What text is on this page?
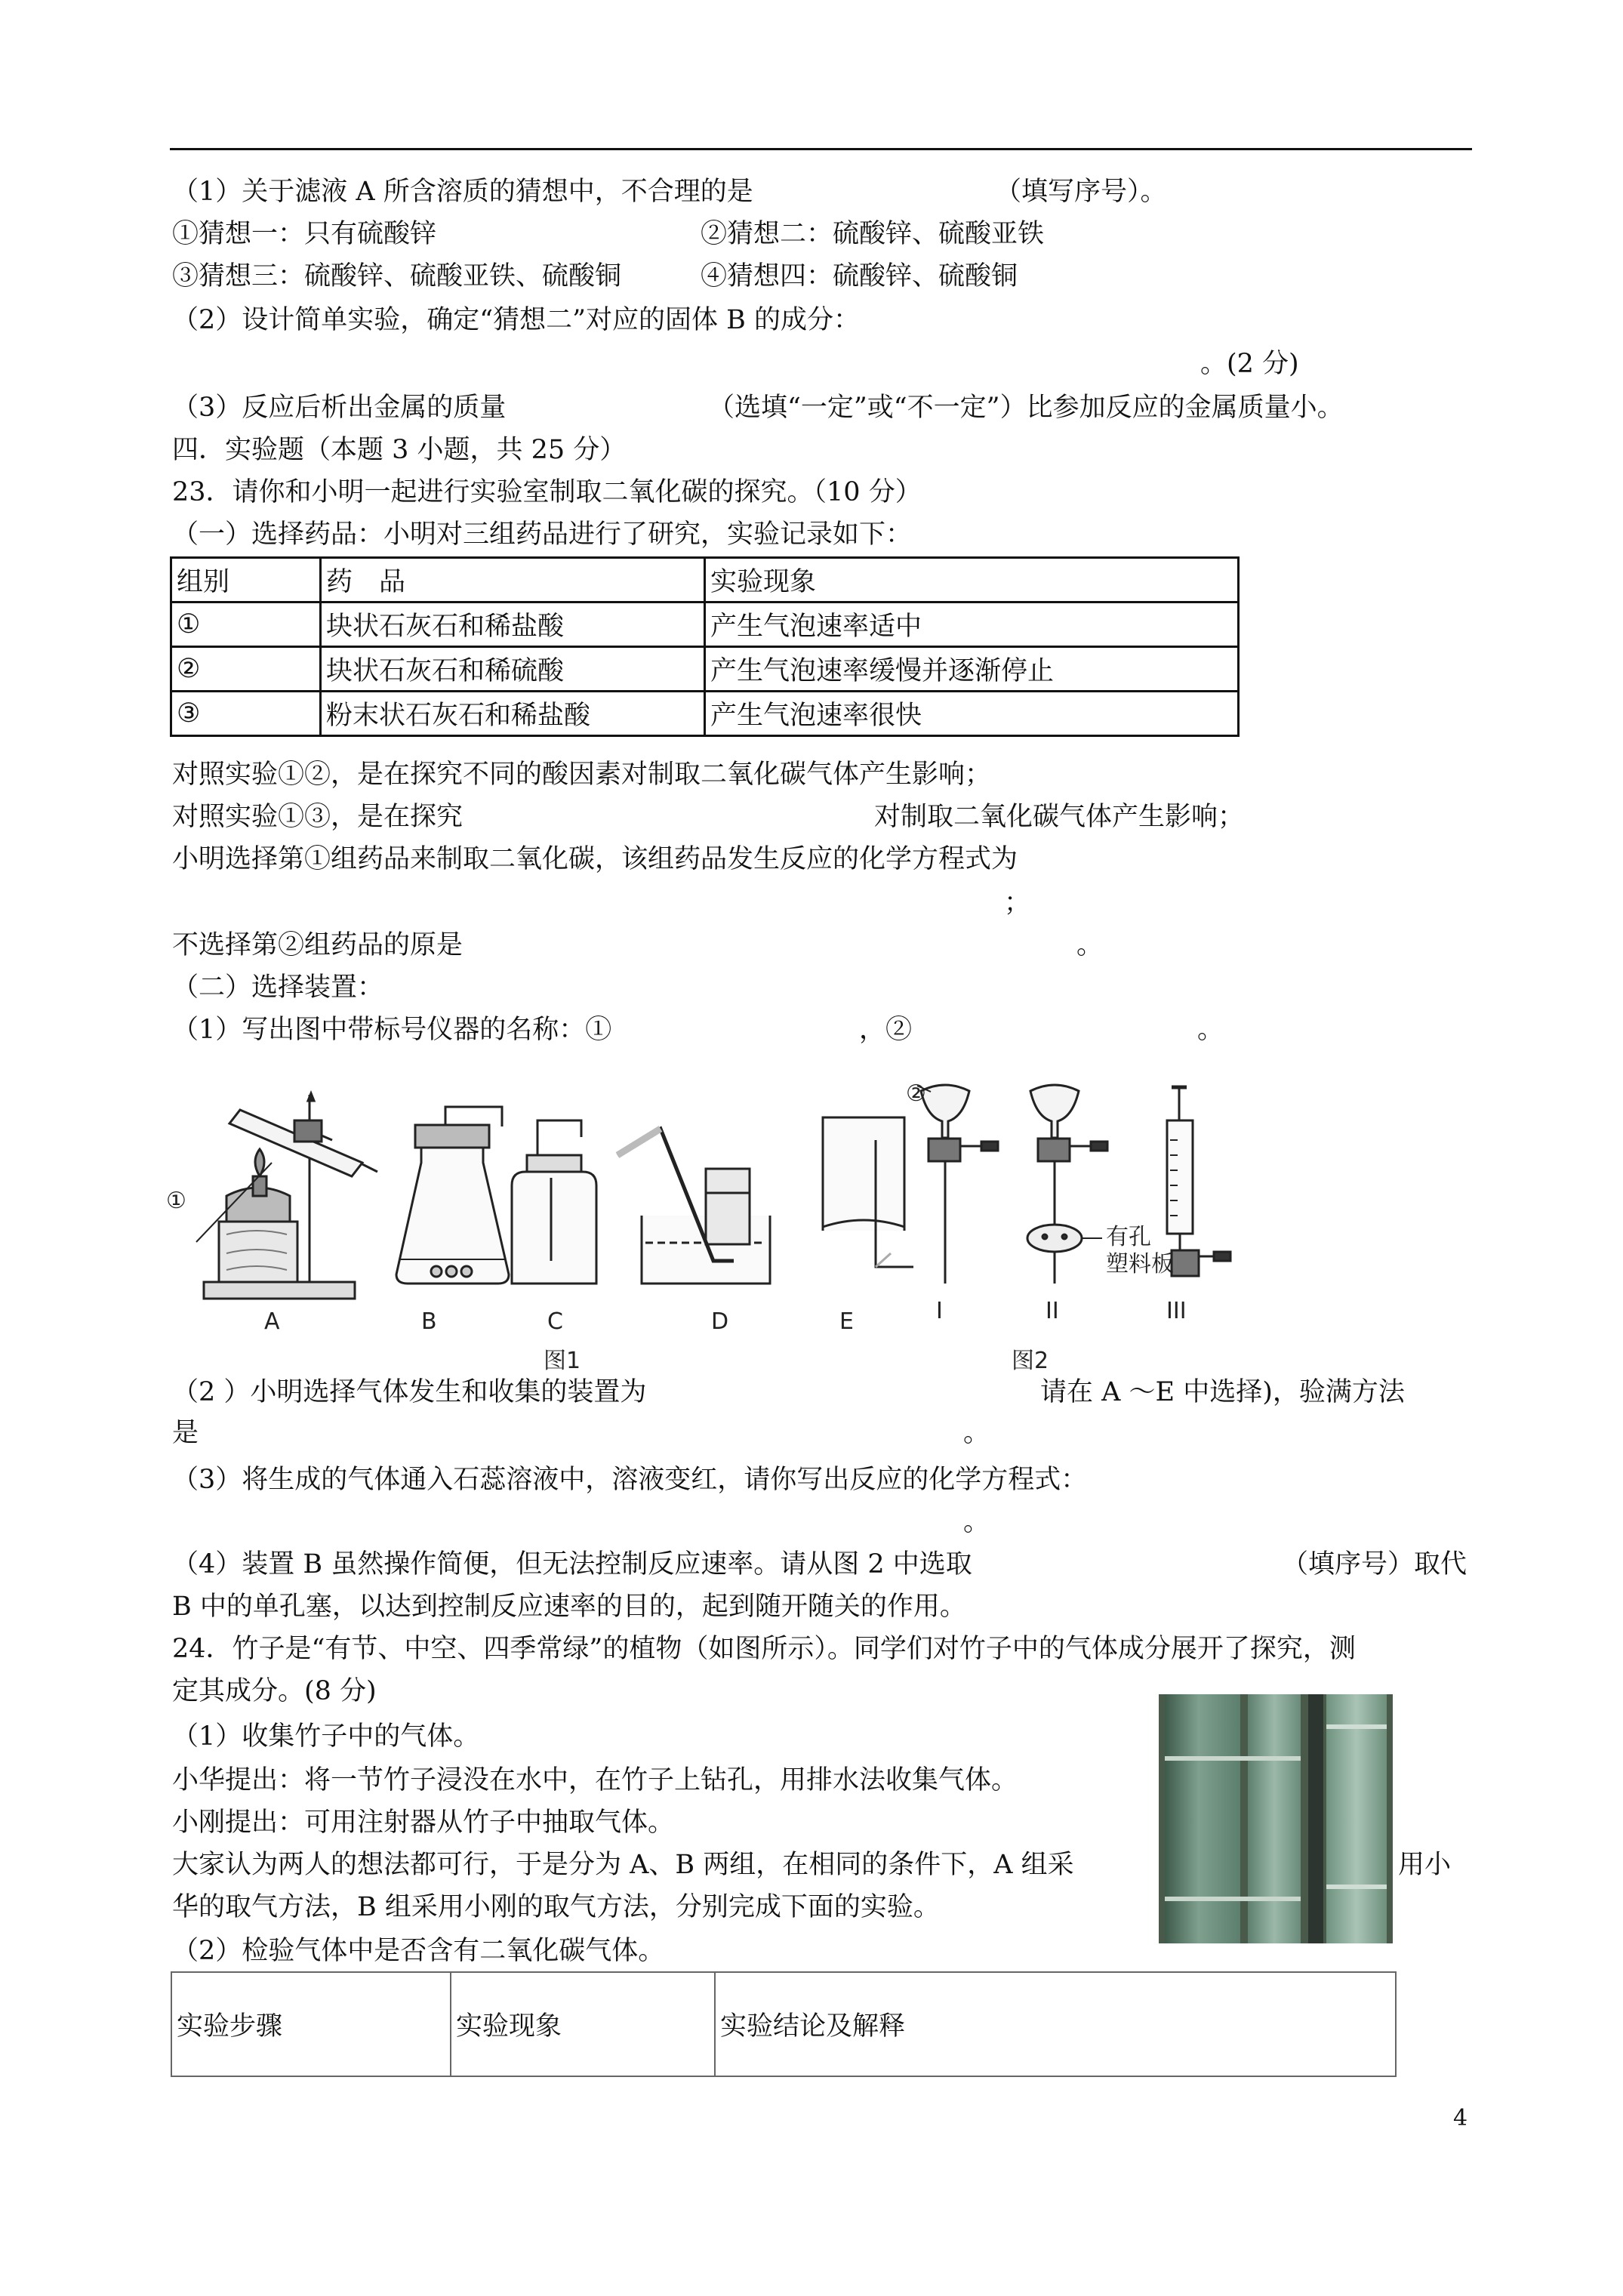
（1）关于滤液 A 所含溶质的猜想中，不合理的是	（填写序号）。
①猜想一：只有硫酸锌	②猜想二：硫酸锌、硫酸亚铁
③猜想三：硫酸锌、硫酸亚铁、硫酸铜	④猜想四：硫酸锌、硫酸铜
（2）设计简单实验，确定“猜想二”对应的固体 B 的成分：
。(2 分)
（3）反应后析出金属的质量	（选填“一定”或“不一定”）比参加反应的金属质量小。
四．实验题（本题 3 小题，共 25 分）
23．请你和小明一起进行实验室制取二氧化碳的探究。（10 分）
（一）选择药品：小明对三组药品进行了研究，实验记录如下：
组别	药　品	实验现象
①	块状石灰石和稀盐酸	产生气泡速率适中
②	块状石灰石和稀硫酸	产生气泡速率缓慢并逐渐停止
③	粉末状石灰石和稀盐酸	产生气泡速率很快
对照实验①②，是在探究不同的酸因素对制取二氧化碳气体产生影响；
对照实验①③，是在探究	对制取二氧化碳气体产生影响；
小明选择第①组药品来制取二氧化碳，该组药品发生反应的化学方程式为
；
不选择第②组药品的原是	。
（二）选择装置：
（1）写出图中带标号仪器的名称：①	，②	。
①
②
A	B	C	D	E	I	II	III
有孔
塑料板
图1	图2
（2 ）小明选择气体发生和收集的装置为	请在 A ～E 中选择)，验满方法
是	。
（3）将生成的气体通入石蕊溶液中，溶液变红，请你写出反应的化学方程式：
。
（4）装置 B 虽然操作简便，但无法控制反应速率。请从图 2 中选取	（填序号）取代
B 中的单孔塞，以达到控制反应速率的目的，起到随开随关的作用。
24．竹子是“有节、中空、四季常绿”的植物（如图所示）。同学们对竹子中的气体成分展开了探究，测
定其成分。(8 分)
（1）收集竹子中的气体。
小华提出：将一节竹子浸没在水中，在竹子上钻孔，用排水法收集气体。
小刚提出：可用注射器从竹子中抽取气体。
大家认为两人的想法都可行，于是分为 A、B 两组，在相同的条件下，A 组采	用小
华的取气方法，B 组采用小刚的取气方法，分别完成下面的实验。
（2）检验气体中是否含有二氧化碳气体。
实验步骤	实验现象	实验结论及解释
4
